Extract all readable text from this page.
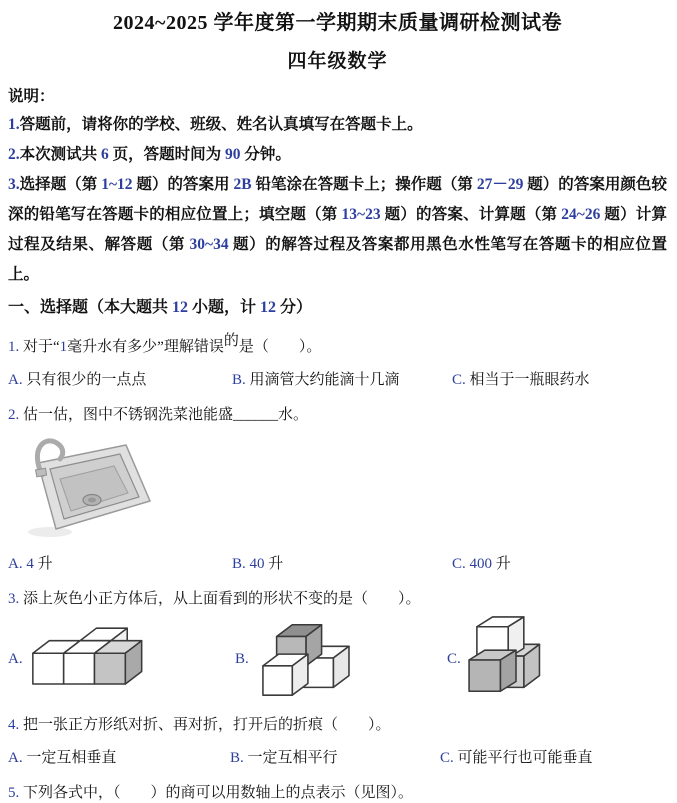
2024~2025 学年度第一学期期末质量调研检测试卷
四年级数学
说明：

1.答题前，请将你的学校、班级、姓名认真填写在答题卡上。

2.本次测试共 6 页，答题时间为 90 分钟。

3.选择题（第 1~12 题）的答案用 2B 铅笔涂在答题卡上；操作题（第 27－29 题）的答案用颜色较深的铅笔写在答题卡的相应位置上；填空题（第 13~23 题）的答案、计算题（第 24~26 题）计算过程及结果、解答题（第 30~34 题）的解答过程及答案都用黑色水性笔写在答题卡的相应位置上。

一、选择题（本大题共 12 小题，计 12 分）
1. 对于“1毫升水有多少”理解错误的是（　　）。
A. 只有很少的一点点	B. 用滴管大约能滴十几滴	C. 相当于一瓶眼药水
2. 估一估，图中不锈钢洗菜池能盛______水。
A. 4 升	B. 40 升	C. 400 升
3. 添上灰色小正方体后，从上面看到的形状不变的是（　　）。
A.	B.	C.
4. 把一张正方形纸对折、再对折，打开后的折痕（　　）。
A. 一定互相垂直	B. 一定互相平行	C. 可能平行也可能垂直
5. 下列各式中，（　　）的商可以用数轴上的点表示（见图）。
